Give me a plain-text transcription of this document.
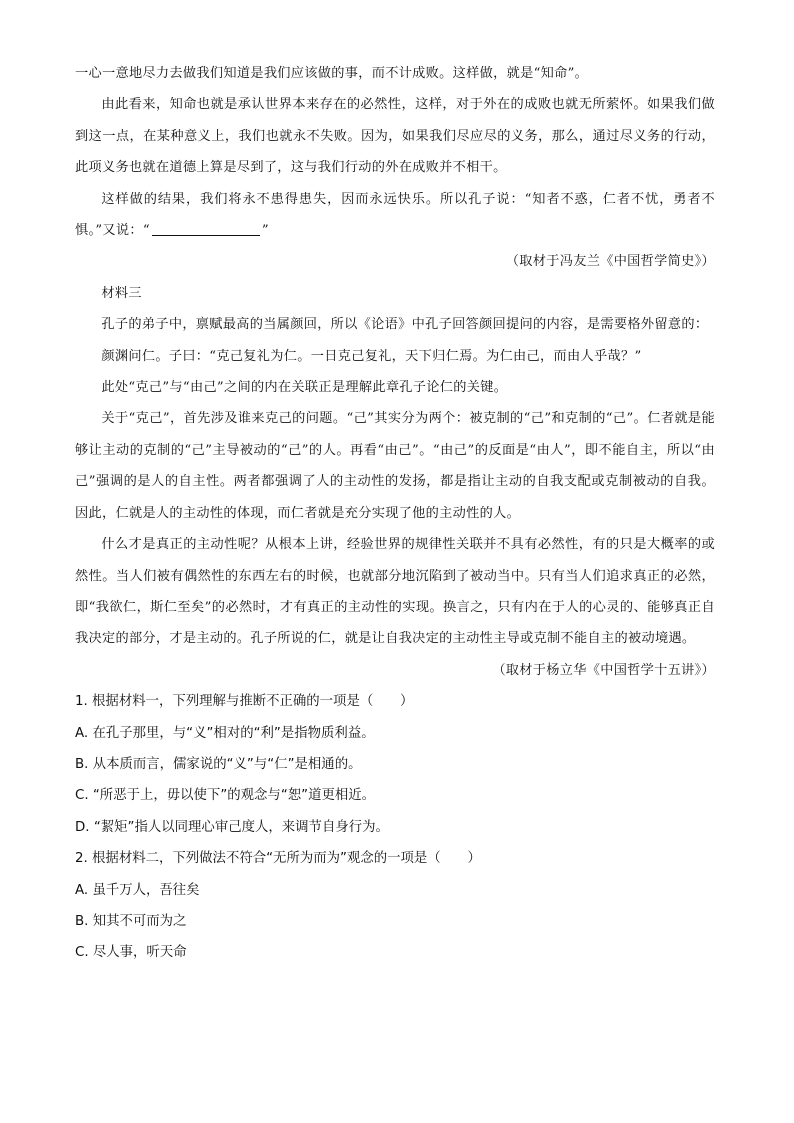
一心一意地尽力去做我们知道是我们应该做的事，而不计成败。这样做，就是“知命”。

由此看来，知命也就是承认世界本来存在的必然性，这样，对于外在的成败也就无所萦怀。如果我们做到这一点，在某种意义上，我们也就永不失败。因为，如果我们尽应尽的义务，那么，通过尽义务的行动，此项义务也就在道德上算是尽到了，这与我们行动的外在成败并不相干。

这样做的结果，我们将永不患得患失，因而永远快乐。所以孔子说：“知者不惑，仁者不忧，勇者不惧。”又说：“	”

（取材于冯友兰《中国哲学简史》）

材料三

孔子的弟子中，禀赋最高的当属颜回，所以《论语》中孔子回答颜回提问的内容，是需要格外留意的：

颜渊问仁。子曰：“克己复礼为仁。一日克己复礼，天下归仁焉。为仁由己，而由人乎哉？”

此处“克己”与“由己”之间的内在关联正是理解此章孔子论仁的关键。

关于“克己”，首先涉及谁来克己的问题。“己”其实分为两个：被克制的“己”和克制的“己”。仁者就是能够让主动的克制的“己”主导被动的“己”的人。再看“由己”。“由己”的反面是“由人”，即不能自主，所以“由己”强调的是人的自主性。两者都强调了人的主动性的发扬，都是指让主动的自我支配或克制被动的自我。因此，仁就是人的主动性的体现，而仁者就是充分实现了他的主动性的人。

什么才是真正的主动性呢？从根本上讲，经验世界的规律性关联并不具有必然性，有的只是大概率的或然性。当人们被有偶然性的东西左右的时候，也就部分地沉陷到了被动当中。只有当人们追求真正的必然，即“我欲仁，斯仁至矣”的必然时，才有真正的主动性的实现。换言之，只有内在于人的心灵的、能够真正自我决定的部分，才是主动的。孔子所说的仁，就是让自我决定的主动性主导或克制不能自主的被动境遇。

（取材于杨立华《中国哲学十五讲》）

1. 根据材料一，下列理解与推断不正确的一项是（　　）

A. 在孔子那里，与“义”相对的“利”是指物质利益。

B. 从本质而言，儒家说的“义”与“仁”是相通的。

C. “所恶于上，毋以使下”的观念与“恕”道更相近。

D. “絜矩”指人以同理心审己度人，来调节自身行为。

2. 根据材料二，下列做法不符合“无所为而为”观念的一项是（　　）

A. 虽千万人，吾往矣

B. 知其不可而为之

C. 尽人事，听天命
